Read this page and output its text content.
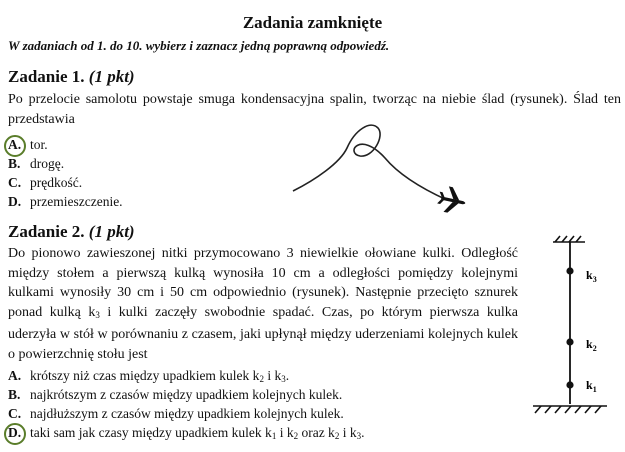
Zadania zamknięte
W zadaniach od 1. do 10. wybierz i zaznacz jedną poprawną odpowiedź.
Zadanie 1. (1 pkt)
Po przelocie samolotu powstaje smuga kondensacyjna spalin, tworząc na niebie ślad (rysunek). Ślad ten przedstawia
A. tor.
B. drogę.
C. prędkość.
D. przemieszczenie.
Zadanie 2. (1 pkt)
Do pionowo zawieszonej nitki przymocowano 3 niewielkie ołowiane kulki. Odległość między stołem a pierwszą kulką wynosiła 10 cm a odległości pomiędzy kolejnymi kulkami wynosiły 30 cm i 50 cm odpowiednio (rysunek). Następnie przecięto sznurek ponad kulką $k_3$ i kulki zaczęły swobodnie spadać. Czas, po którym pierwsza kulka uderzyła w stół w porównaniu z czasem, jaki upłynął między uderzeniami kolejnych kulek o powierzchnię stołu jest
A. krótszy niż czas między upadkiem kulek $k_2$ i $k_3$.
B. najkrótszym z czasów między upadkiem kolejnych kulek.
C. najdłuższym z czasów między upadkiem kolejnych kulek.
D. taki sam jak czasy między upadkiem kulek $k_1$ i $k_2$ oraz $k_2$ i $k_3$.
$k_3$
$k_2$
$k_1$
